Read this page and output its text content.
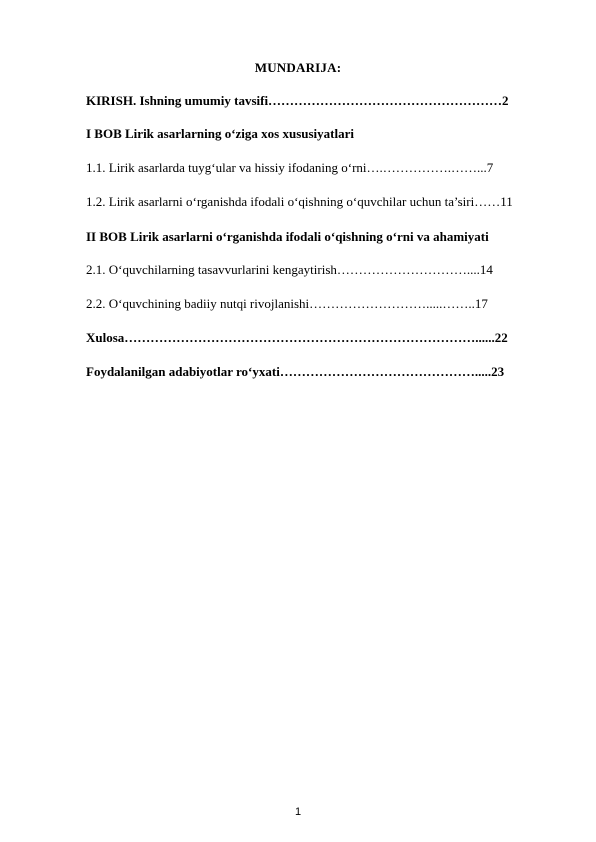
MUNDARIJA:
KIRISH. Ishning umumiy tavsifi………………………………………………2
I BOB Lirik asarlarning o‘ziga xos xususiyatlari
1.1. Lirik asarlarda tuyg‘ular va hissiy ifodaning o‘rni….…………….……...7
1.2. Lirik asarlarni o‘rganishda ifodali o‘qishning o‘quvchilar uchun ta’siri……11
II BOB Lirik asarlarni o‘rganishda ifodali o‘qishning o‘rni va ahamiyati
2.1. O‘quvchilarning tasavvurlarini kengaytirish…………………………....14
2.2. O‘quvchining badiiy nutqi rivojlanishi……………………….....……..17
Xulosa………………………………………………………………………......22
Foydalanilgan adabiyotlar ro‘yxati……………………………………….....23
1
